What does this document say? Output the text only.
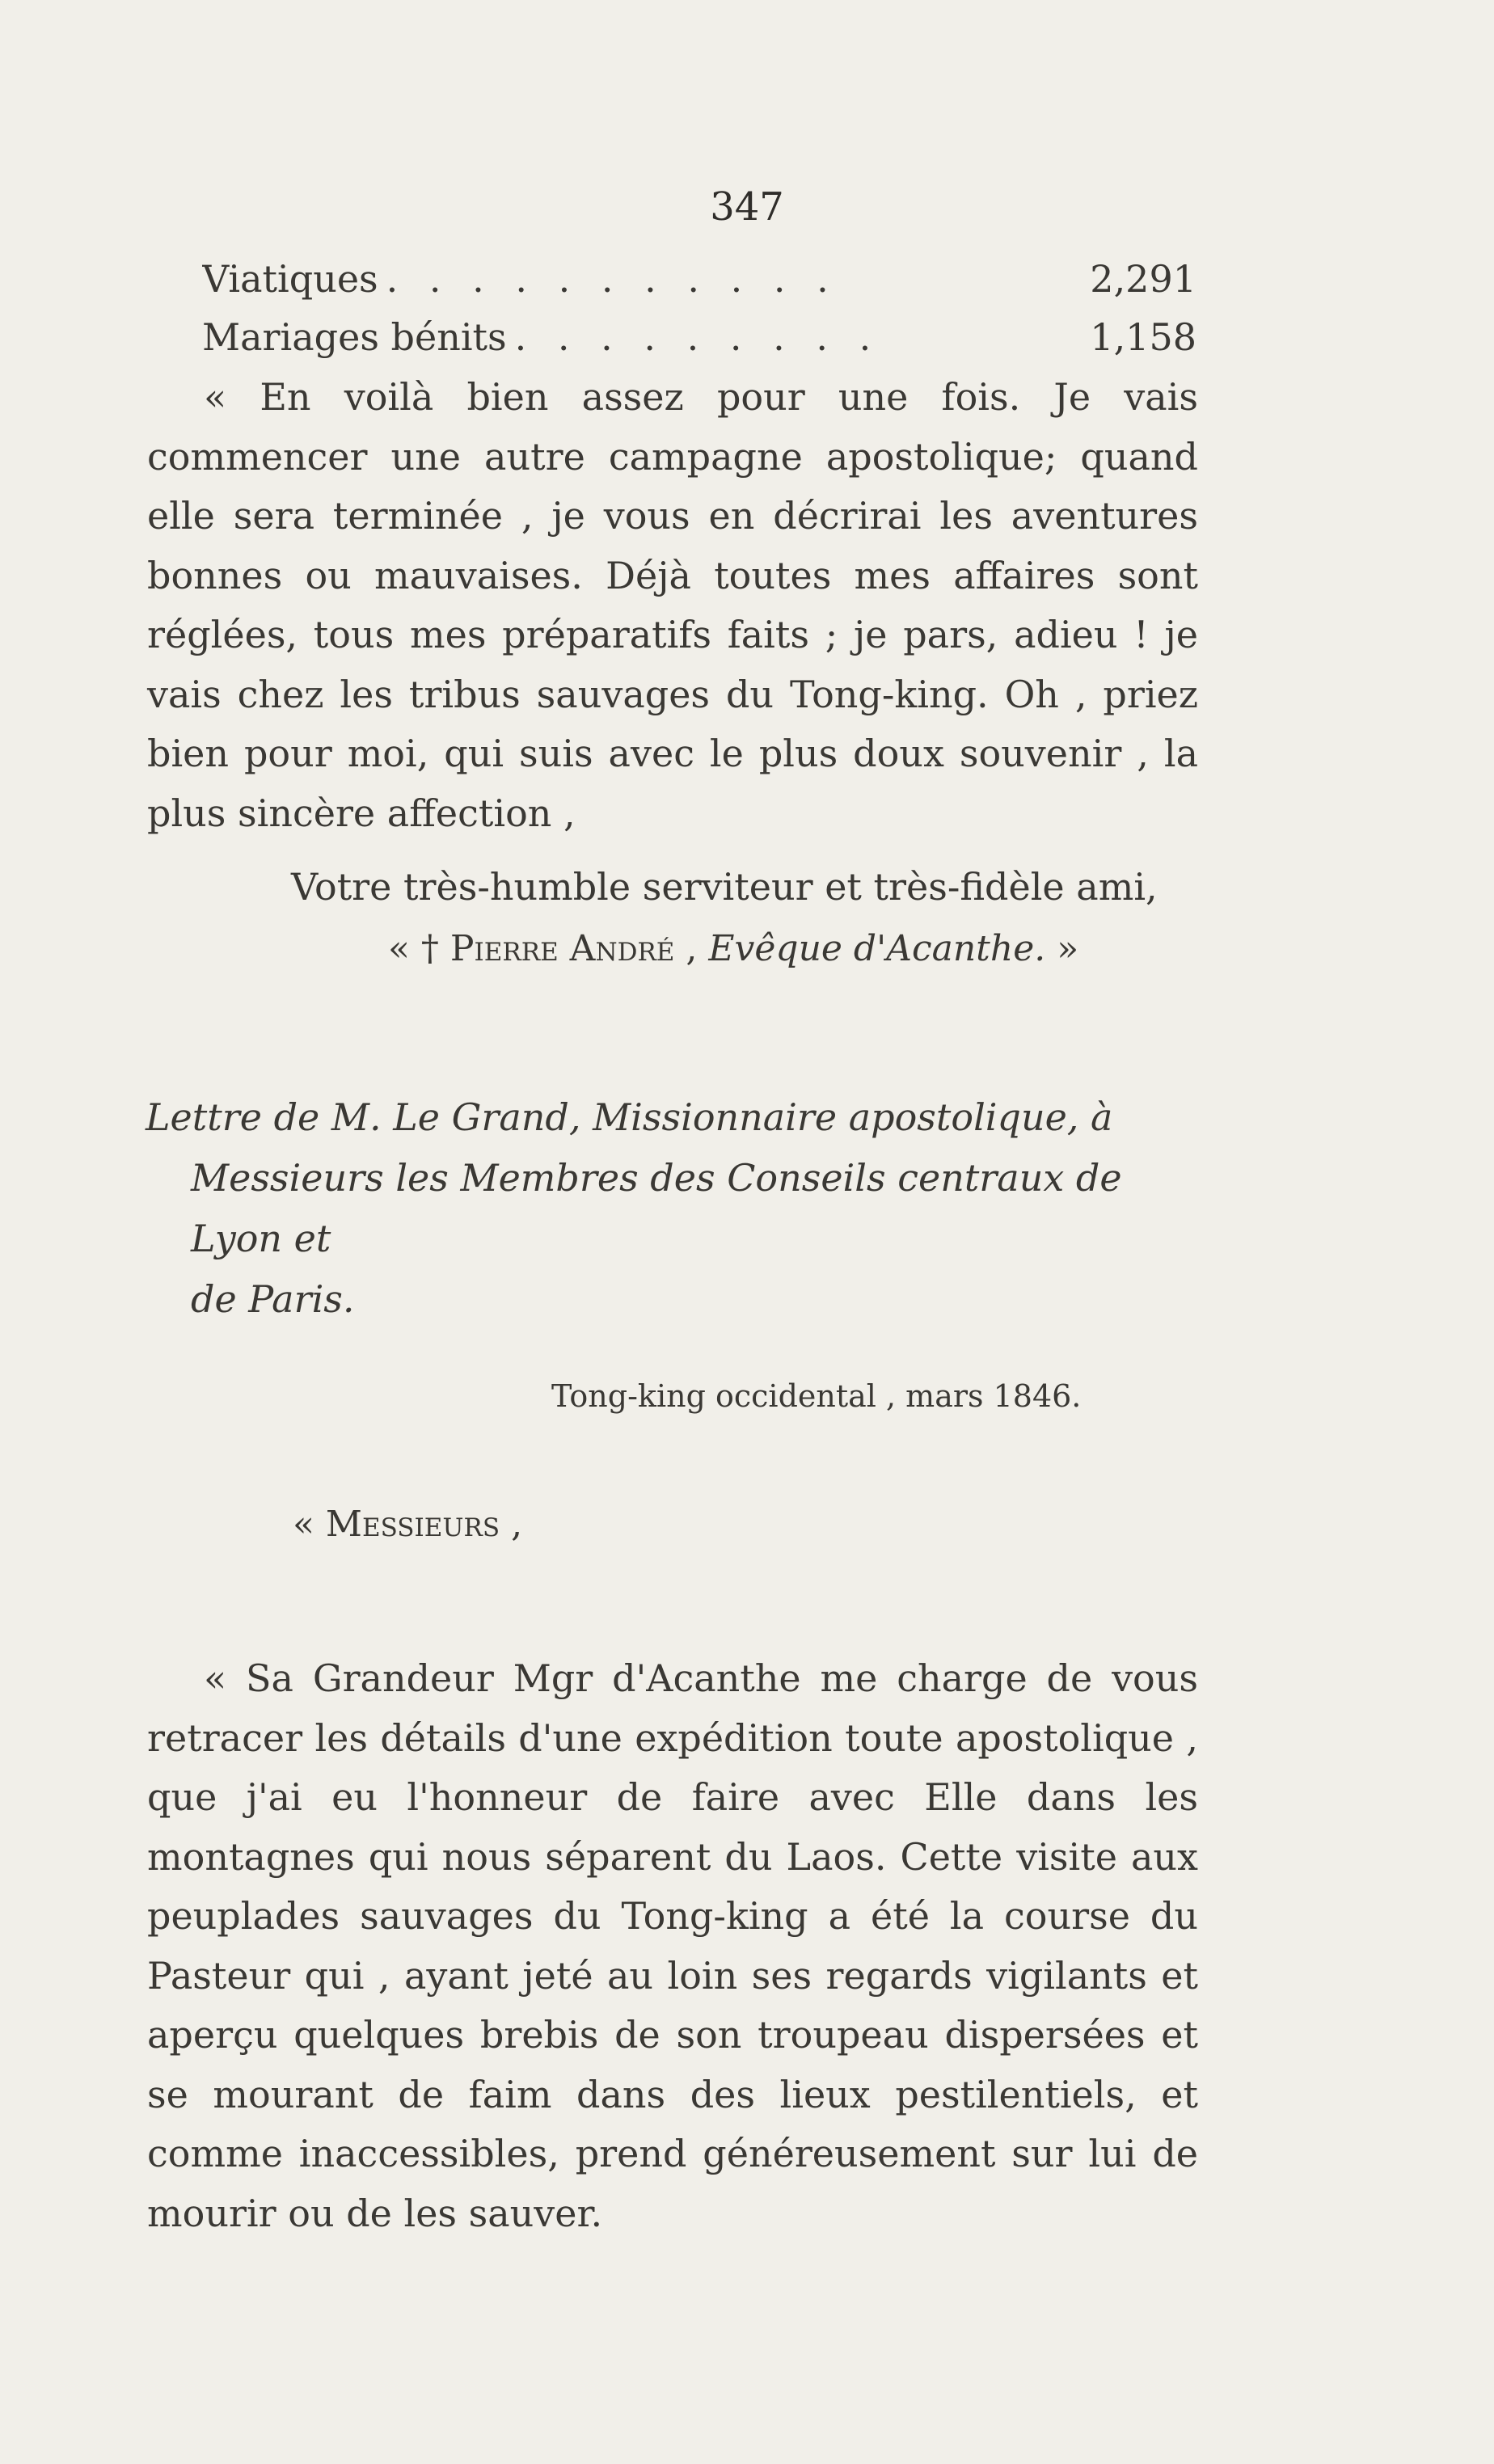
347
Viatiques . . . . . . . . . . .	2,291
Mariages bénits . . . . . . . . .	1,158

« En voilà bien assez pour une fois. Je vais commencer une autre campagne apostolique; quand elle sera terminée , je vous en décrirai les aventures bonnes ou mauvaises. Déjà toutes mes affaires sont réglées, tous mes préparatifs faits ; je pars, adieu ! je vais chez les tribus sauvages du Tong-king. Oh , priez bien pour moi, qui suis avec le plus doux souvenir , la plus sincère affection ,

Votre très-humble serviteur et très-fidèle ami,
« † Pierre André , Evêque d'Acanthe. »
Lettre de M. Le Grand, Missionnaire apostolique, à
Messieurs les Membres des Conseils centraux de Lyon et
de Paris.
Tong-king occidental , mars 1846.
« Messieurs ,

« Sa Grandeur Mgr d'Acanthe me charge de vous retracer les détails d'une expédition toute apostolique , que j'ai eu l'honneur de faire avec Elle dans les montagnes qui nous séparent du Laos. Cette visite aux peuplades sauvages du Tong-king a été la course du Pasteur qui , ayant jeté au loin ses regards vigilants et aperçu quelques brebis de son troupeau dispersées et se mourant de faim dans des lieux pestilentiels, et comme inaccessibles, prend généreusement sur lui de mourir ou de les sauver.
